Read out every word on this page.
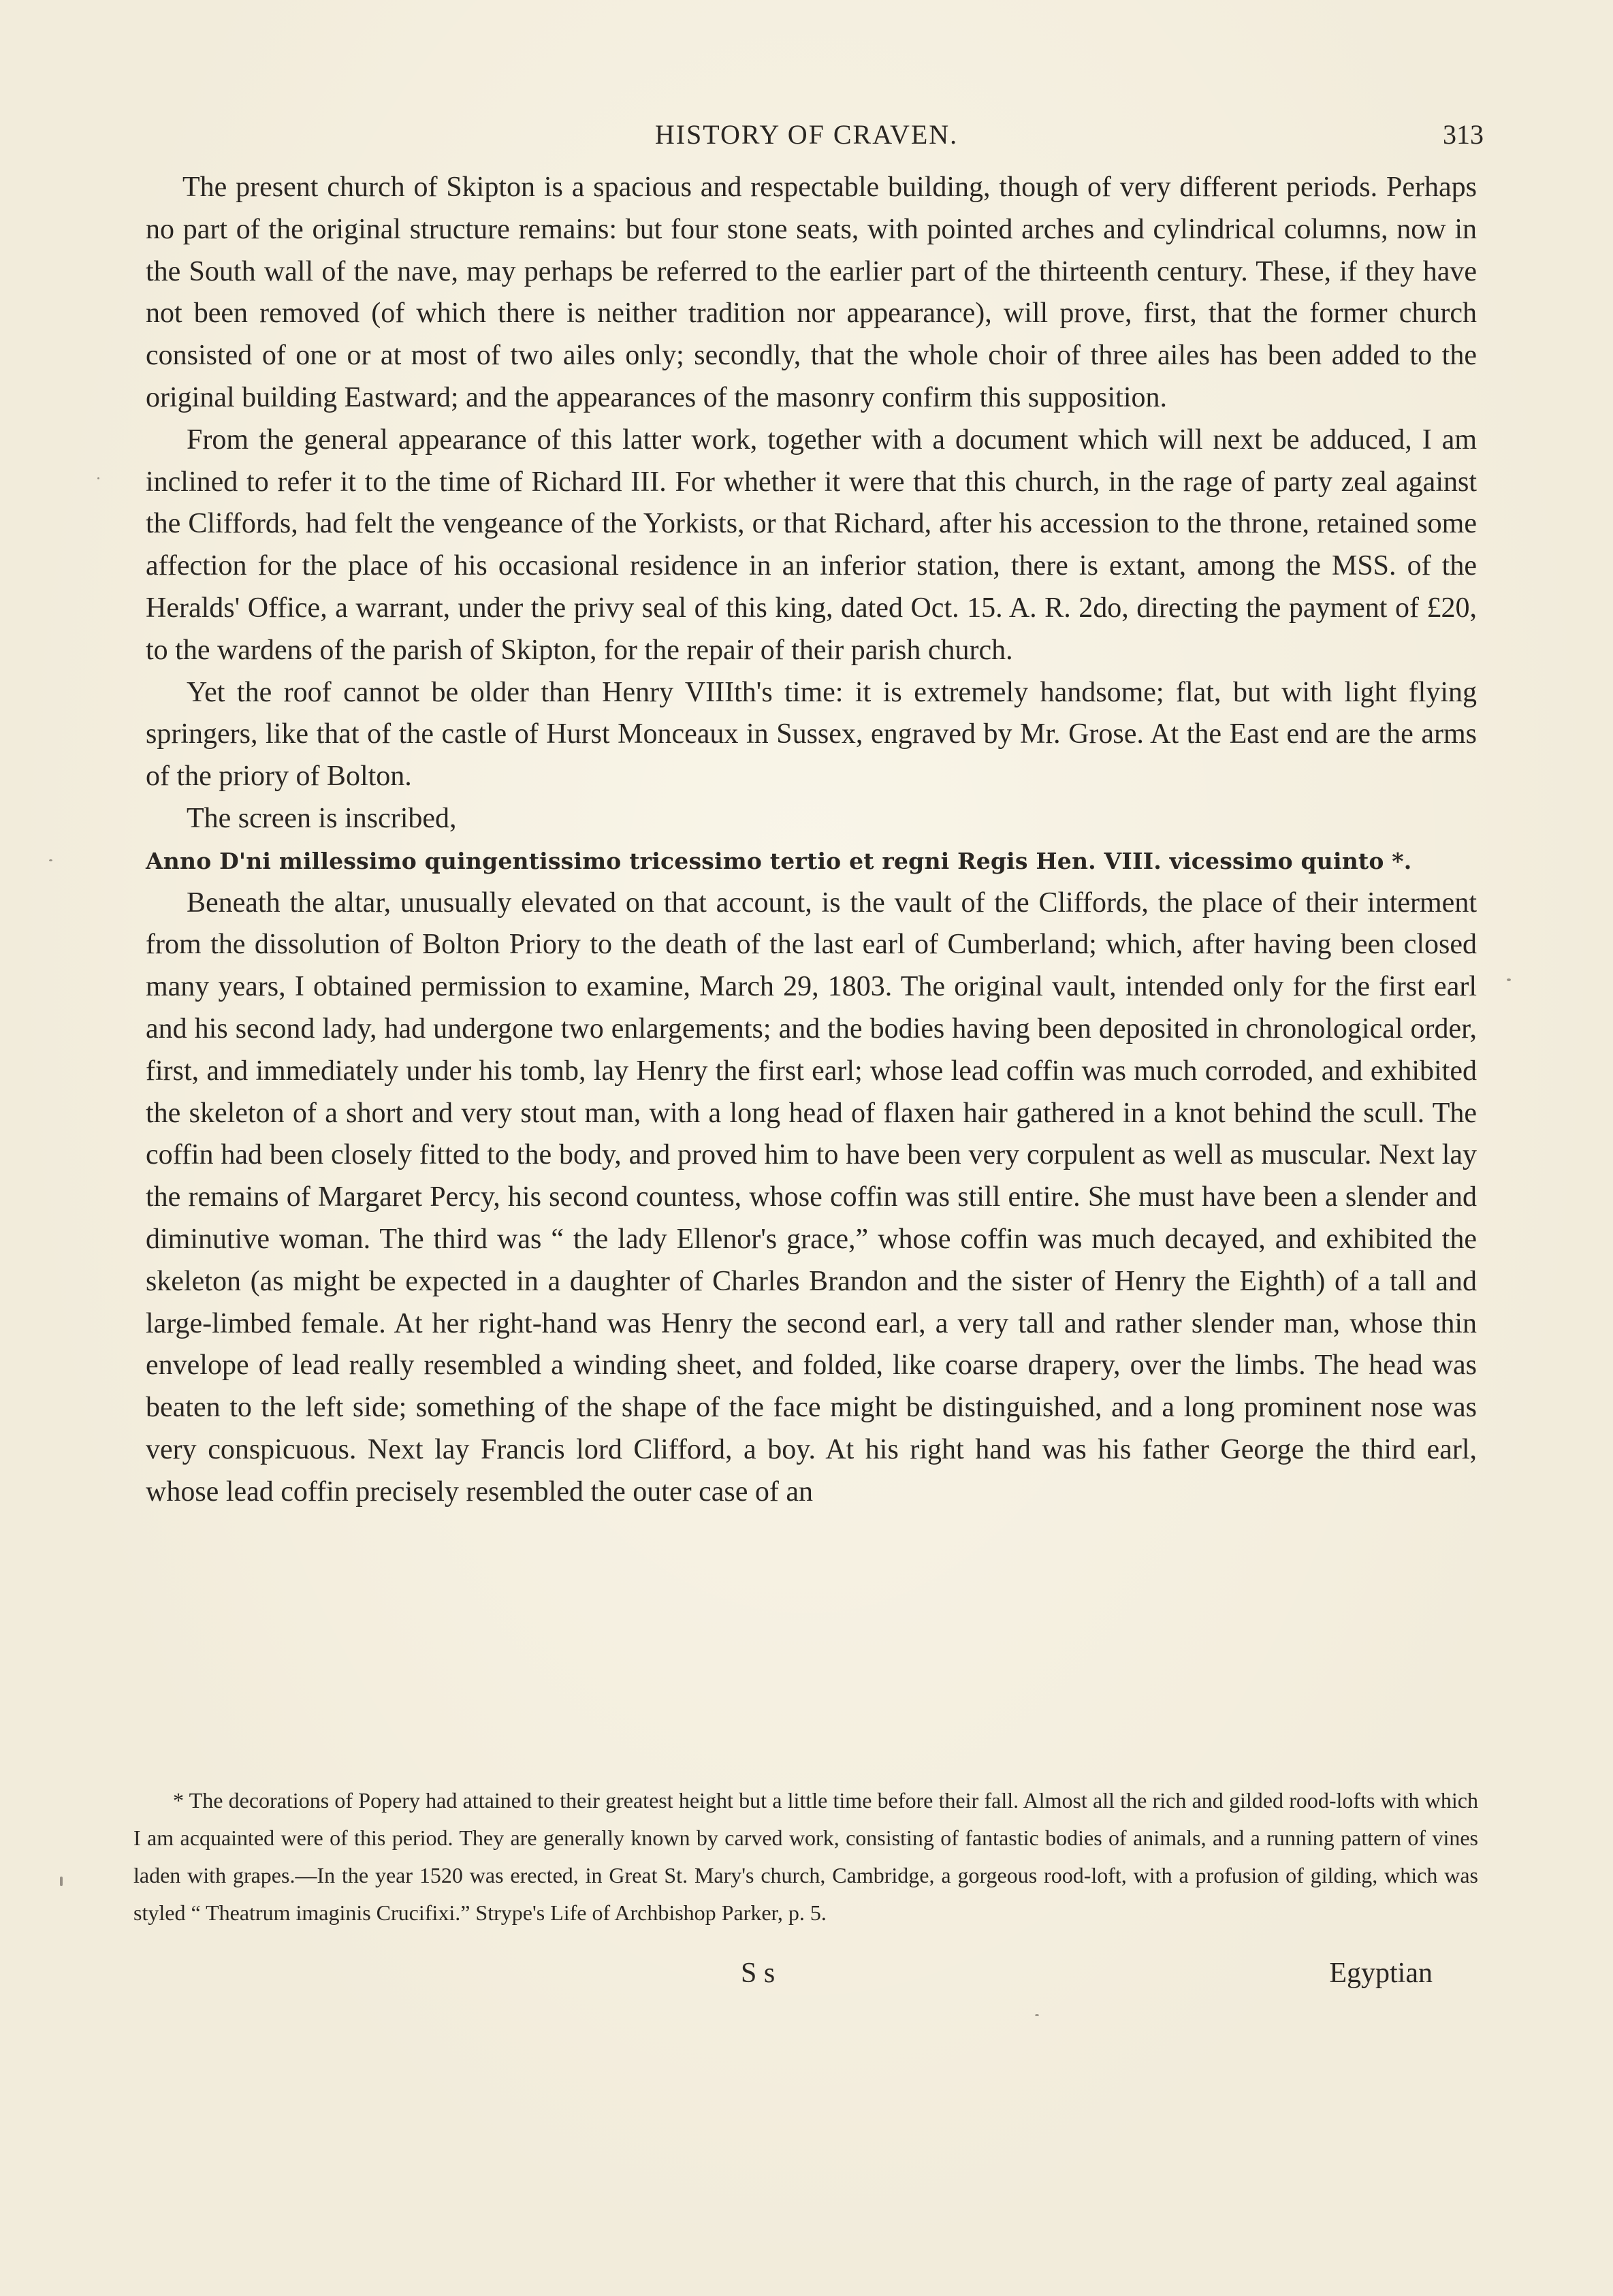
HISTORY OF CRAVEN.	313

The present church of Skipton is a spacious and respectable building, though of very different periods. Perhaps no part of the original structure remains: but four stone seats, with pointed arches and cylindrical columns, now in the South wall of the nave, may perhaps be referred to the earlier part of the thirteenth century. These, if they have not been removed (of which there is neither tradition nor appearance), will prove, first, that the former church consisted of one or at most of two ailes only; secondly, that the whole choir of three ailes has been added to the original building Eastward; and the appearances of the masonry confirm this supposition.

From the general appearance of this latter work, together with a document which will next be adduced, I am inclined to refer it to the time of Richard III. For whether it were that this church, in the rage of party zeal against the Cliffords, had felt the vengeance of the Yorkists, or that Richard, after his accession to the throne, retained some affection for the place of his occasional residence in an inferior station, there is extant, among the MSS. of the Heralds' Office, a warrant, under the privy seal of this king, dated Oct. 15. A. R. 2do, directing the payment of £20, to the wardens of the parish of Skipton, for the repair of their parish church.

Yet the roof cannot be older than Henry VIIIth's time: it is extremely handsome; flat, but with light flying springers, like that of the castle of Hurst Monceaux in Sussex, engraved by Mr. Grose. At the East end are the arms of the priory of Bolton.

The screen is inscribed,

Anno D'ni millessimo quingentissimo tricessimo tertio et regni Regis Hen. VIII. vicessimo quinto *.

Beneath the altar, unusually elevated on that account, is the vault of the Cliffords, the place of their interment from the dissolution of Bolton Priory to the death of the last earl of Cumberland; which, after having been closed many years, I obtained permission to examine, March 29, 1803. The original vault, intended only for the first earl and his second lady, had undergone two enlargements; and the bodies having been deposited in chronological order, first, and immediately under his tomb, lay Henry the first earl; whose lead coffin was much corroded, and exhibited the skeleton of a short and very stout man, with a long head of flaxen hair gathered in a knot behind the scull. The coffin had been closely fitted to the body, and proved him to have been very corpulent as well as muscular. Next lay the remains of Margaret Percy, his second countess, whose coffin was still entire. She must have been a slender and diminutive woman. The third was “ the lady Ellenor's grace,” whose coffin was much decayed, and exhibited the skeleton (as might be expected in a daughter of Charles Brandon and the sister of Henry the Eighth) of a tall and large-limbed female. At her right-hand was Henry the second earl, a very tall and rather slender man, whose thin envelope of lead really resembled a winding sheet, and folded, like coarse drapery, over the limbs. The head was beaten to the left side; something of the shape of the face might be distinguished, and a long prominent nose was very conspicuous. Next lay Francis lord Clifford, a boy. At his right hand was his father George the third earl, whose lead coffin precisely resembled the outer case of an

* The decorations of Popery had attained to their greatest height but a little time before their fall. Almost all the rich and gilded rood-lofts with which I am acquainted were of this period. They are generally known by carved work, consisting of fantastic bodies of animals, and a running pattern of vines laden with grapes.—In the year 1520 was erected, in Great St. Mary's church, Cambridge, a gorgeous rood-loft, with a profusion of gilding, which was styled “ Theatrum imaginis Crucifixi.” Strype's Life of Archbishop Parker, p. 5.
S s	Egyptian
